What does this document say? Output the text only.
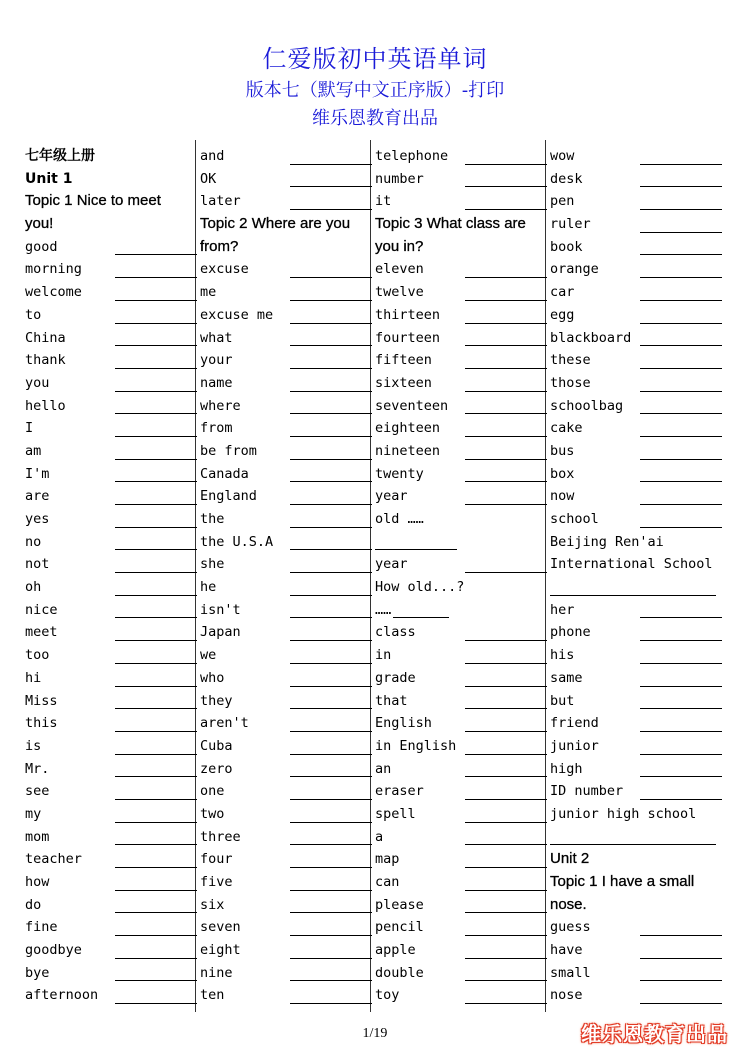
仁爱版初中英语单词
版本七（默写中文正序版）-打印
维乐恩教育出品
七年级上册
Unit 1
Topic 1 Nice to meet
you!
good
morning
welcome
to
China
thank
you
hello
I
am
I'm
are
yes
no
not
oh
nice
meet
too
hi
Miss
this
is
Mr.
see
my
mom
teacher
how
do
fine
goodbye
bye
afternoon
and
OK
later
Topic 2 Where are you
from?
excuse
me
excuse me
what
your
name
where
from
be from
Canada
England
the
the U.S.A
she
he
isn't
Japan
we
who
they
aren't
Cuba
zero
one
two
three
four
five
six
seven
eight
nine
ten
telephone
number
it
Topic 3 What class are
you in?
eleven
twelve
thirteen
fourteen
fifteen
sixteen
seventeen
eighteen
nineteen
twenty
year
old ……
year
How old...?
……
class
in
grade
that
English
in English
an
eraser
spell
a
map
can
please
pencil
apple
double
toy
wow
desk
pen
ruler
book
orange
car
egg
blackboard
these
those
schoolbag
cake
bus
box
now
school
Beijing Ren'ai
International School
her
phone
his
same
but
friend
junior
high
ID number
junior high school
Unit 2
Topic 1 I have a small
nose.
guess
have
small
nose
1/19	维乐恩教育出品
